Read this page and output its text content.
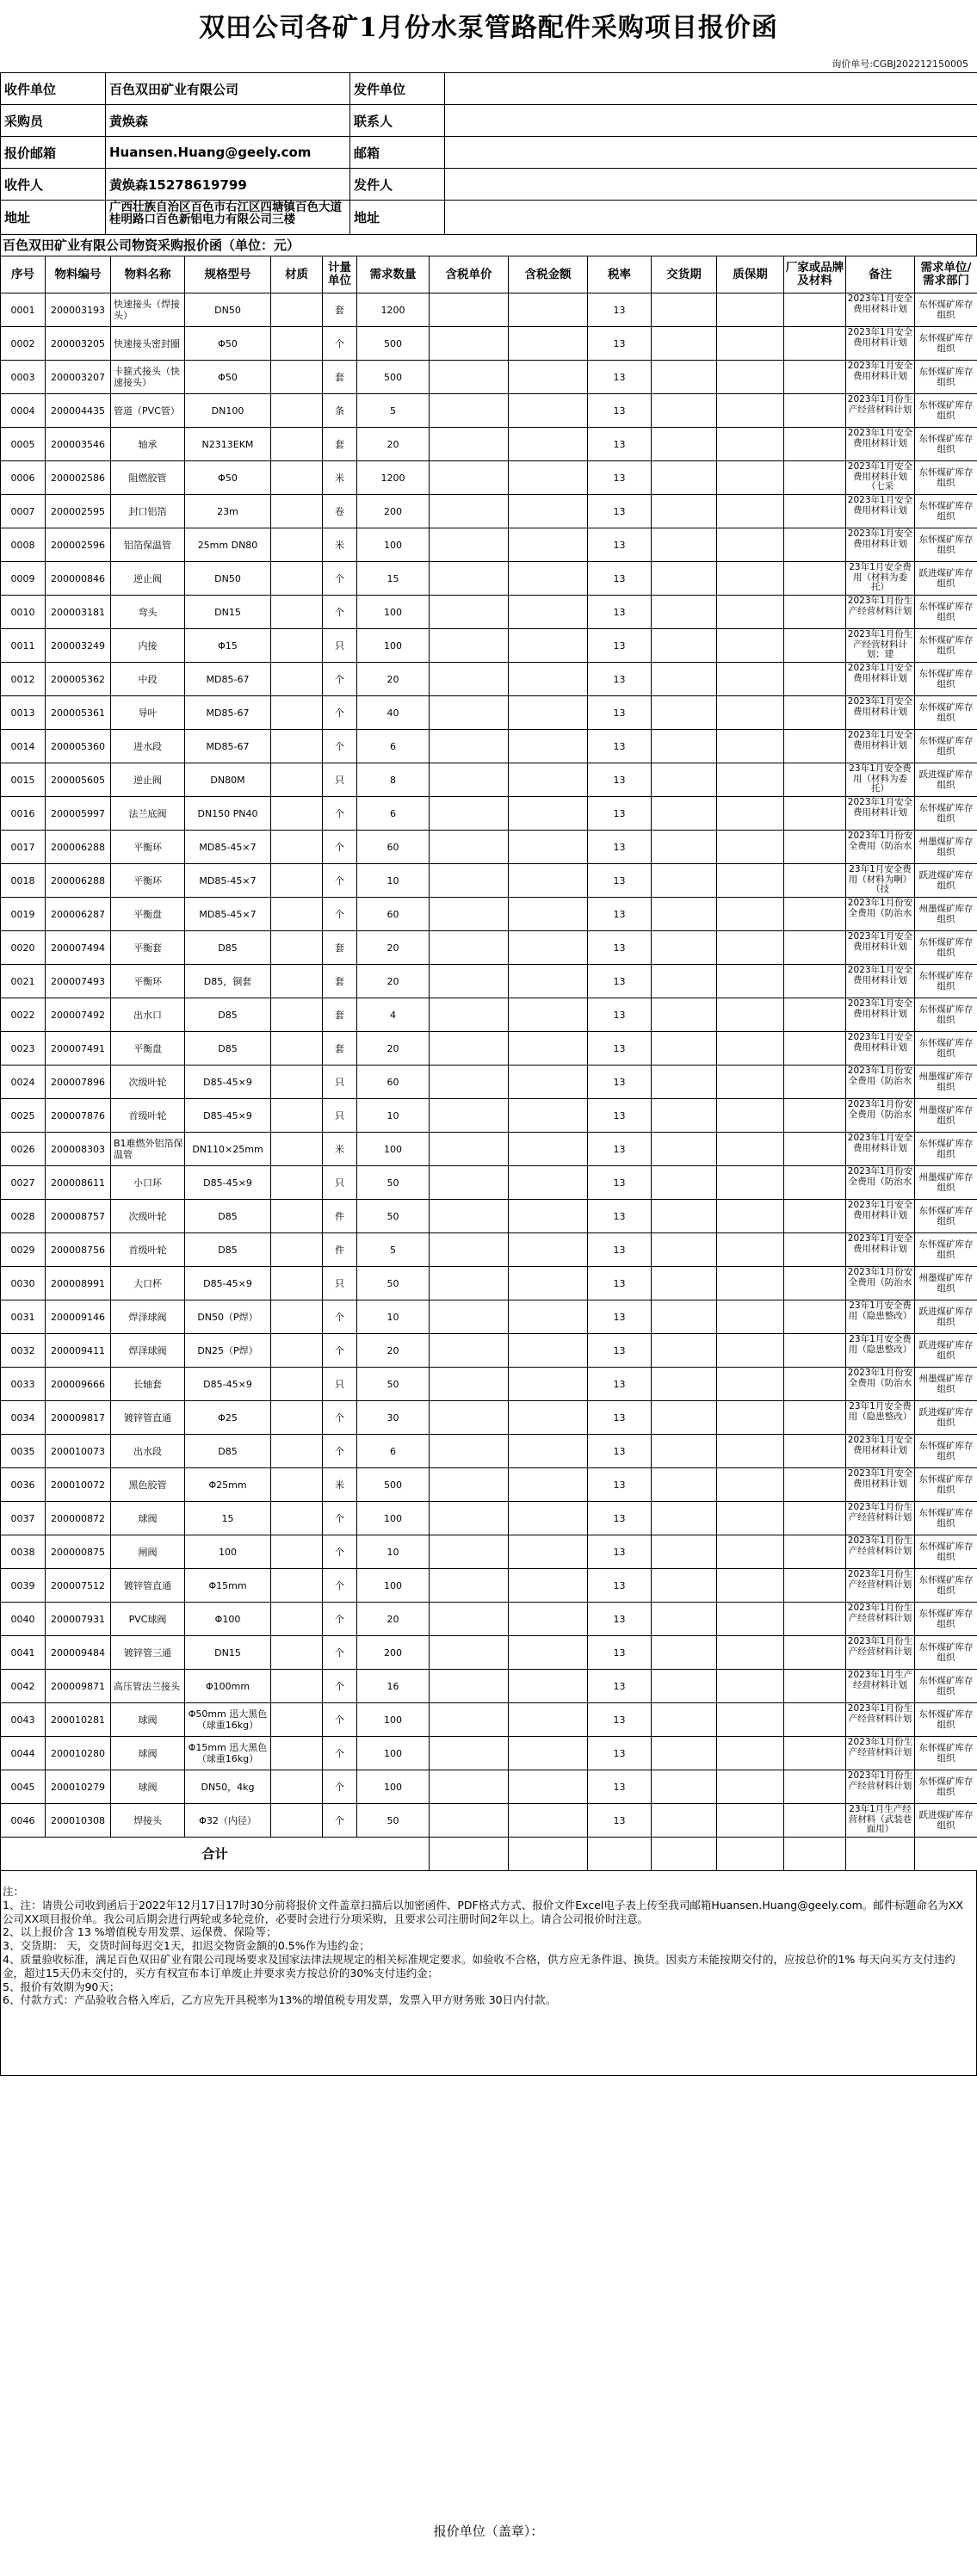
双田公司各矿1月份水泵管路配件采购项目报价函
询价单号:CGBJ202212150005
收件单位	百色双田矿业有限公司	发件单位	
采购员	黄焕森	联系人	
报价邮箱	Huansen.Huang@geely.com	邮箱	
收件人	黄焕森15278619799	发件人	
地址	广西壮族自治区百色市右江区四塘镇百色大道桂明路口百色新铝电力有限公司三楼	地址	
百色双田矿业有限公司物资采购报价函（单位：元）
序号	物料编号	物料名称	规格型号	材质	计量单位	需求数量	含税单价	含税金额	税率	交货期	质保期	厂家或品牌及材料	备注	需求单位/需求部门
0001	200003193	快速接头（焊接头）	DN50		套	1200			13				2023年1月安全费用材料计划	东怀煤矿库存组织
0002	200003205	快速接头密封圈	Φ50		个	500			13				2023年1月安全费用材料计划	东怀煤矿库存组织
0003	200003207	卡箍式接头（快速接头）	Φ50		套	500			13				2023年1月安全费用材料计划	东怀煤矿库存组织
0004	200004435	管道（PVC管）	DN100		条	5			13				2023年1月份生产经营材料计划	东怀煤矿库存组织
0005	200003546	轴承	N2313EKM		套	20			13				2023年1月安全费用材料计划	东怀煤矿库存组织
0006	200002586	阻燃胶管	Φ50		米	1200			13				2023年1月安全费用材料计划（七采	东怀煤矿库存组织
0007	200002595	封口铝箔	23m		卷	200			13				2023年1月安全费用材料计划	东怀煤矿库存组织
0008	200002596	铝箔保温管	25mm DN80		米	100			13				2023年1月安全费用材料计划	东怀煤矿库存组织
0009	200000846	逆止阀	DN50		个	15			13				23年1月安全费用（材料为委托）	跃进煤矿库存组织
0010	200003181	弯头	DN15		个	100			13				2023年1月份生产经营材料计划	东怀煤矿库存组织
0011	200003249	内接	Φ15		只	100			13				2023年1月份生产经营材料计划；建	东怀煤矿库存组织
0012	200005362	中段	MD85-67		个	20			13				2023年1月安全费用材料计划	东怀煤矿库存组织
0013	200005361	导叶	MD85-67		个	40			13				2023年1月安全费用材料计划	东怀煤矿库存组织
0014	200005360	进水段	MD85-67		个	6			13				2023年1月安全费用材料计划	东怀煤矿库存组织
0015	200005605	逆止阀	DN80M		只	8			13				23年1月安全费用（材料为委托）	跃进煤矿库存组织
0016	200005997	法兰底阀	DN150 PN40		个	6			13				2023年1月安全费用材料计划	东怀煤矿库存组织
0017	200006288	平衡环	MD85-45×7		个	60			13				2023年1月份安全费用（防治水	州墨煤矿库存组织
0018	200006288	平衡环	MD85-45×7		个	10			13				23年1月安全费用（材料为啊）（技	跃进煤矿库存组织
0019	200006287	平衡盘	MD85-45×7		个	60			13				2023年1月份安全费用（防治水	州墨煤矿库存组织
0020	200007494	平衡套	D85		套	20			13				2023年1月安全费用材料计划	东怀煤矿库存组织
0021	200007493	平衡环	D85，铜套		套	20			13				2023年1月安全费用材料计划	东怀煤矿库存组织
0022	200007492	出水口	D85		套	4			13				2023年1月安全费用材料计划	东怀煤矿库存组织
0023	200007491	平衡盘	D85		套	20			13				2023年1月安全费用材料计划	东怀煤矿库存组织
0024	200007896	次级叶轮	D85-45×9		只	60			13				2023年1月份安全费用（防治水	州墨煤矿库存组织
0025	200007876	首级叶轮	D85-45×9		只	10			13				2023年1月份安全费用（防治水	州墨煤矿库存组织
0026	200008303	B1难燃外铝箔保温管	DN110×25mm		米	100			13				2023年1月安全费用材料计划	东怀煤矿库存组织
0027	200008611	小口环	D85-45×9		只	50			13				2023年1月份安全费用（防治水	州墨煤矿库存组织
0028	200008757	次级叶轮	D85		件	50			13				2023年1月安全费用材料计划	东怀煤矿库存组织
0029	200008756	首级叶轮	D85		件	5			13				2023年1月安全费用材料计划	东怀煤矿库存组织
0030	200008991	大口杯	D85-45×9		只	50			13				2023年1月份安全费用（防治水	州墨煤矿库存组织
0031	200009146	焊泽球阀	DN50（P焊）		个	10			13				23年1月安全费用（隐患整改）	跃进煤矿库存组织
0032	200009411	焊泽球阀	DN25（P焊）		个	20			13				23年1月安全费用（隐患整改）	跃进煤矿库存组织
0033	200009666	长轴套	D85-45×9		只	50			13				2023年1月份安全费用（防治水	州墨煤矿库存组织
0034	200009817	镀锌管直通	Φ25		个	30			13				23年1月安全费用（隐患整改）	跃进煤矿库存组织
0035	200010073	出水段	D85		个	6			13				2023年1月安全费用材料计划	东怀煤矿库存组织
0036	200010072	黑色胶管	Φ25mm		米	500			13				2023年1月安全费用材料计划	东怀煤矿库存组织
0037	200000872	球阀	15		个	100			13				2023年1月份生产经营材料计划	东怀煤矿库存组织
0038	200000875	闸阀	100		个	10			13				2023年1月份生产经营材料计划	东怀煤矿库存组织
0039	200007512	镀锌管直通	Φ15mm		个	100			13				2023年1月份生产经营材料计划	东怀煤矿库存组织
0040	200007931	PVC球阀	Φ100		个	20			13				2023年1月份生产经营材料计划	东怀煤矿库存组织
0041	200009484	镀锌管三通	DN15		个	200			13				2023年1月份生产经营材料计划	东怀煤矿库存组织
0042	200009871	高压管法兰接头	Φ100mm		个	16			13				2023年1月生产经营材料计划	东怀煤矿库存组织
0043	200010281	球阀	Φ50mm 迅大黑色（球重16kg）		个	100			13				2023年1月份生产经营材料计划	东怀煤矿库存组织
0044	200010280	球阀	Φ15mm 迅大黑色（球重16kg）		个	100			13				2023年1月份生产经营材料计划	东怀煤矿库存组织
0045	200010279	球阀	DN50，4kg		个	100			13				2023年1月份生产经营材料计划	东怀煤矿库存组织
0046	200010308	焊接头	Φ32（内径）		个	50			13				23年1月生产经营材料（武装巷面用）	跃进煤矿库存组织
合计														
注：
1、注：请贵公司收到函后于2022年12月17日17时30分前将报价文件盖章扫描后以加密函件、PDF格式方式、报价文件Excel电子表上传至我司邮箱Huansen.Huang@geely.com。邮件标题命名为XX公司XX项目报价单。我公司后期会进行两轮或多轮竞价，必要时会进行分项采购，且要求公司注册时间2年以上。请合公司报价时注意。
2、以上报价含 13 %增值税专用发票、运保费、保险等；
3、交货期： 天，交货时间每迟交1天，扣迟交物资金额的0.5%作为违约金；
4、质量验收标准，满足百色双田矿业有限公司现场要求及国家法律法规规定的相关标准规定要求。如验收不合格，供方应无条件退、换货。因卖方未能按期交付的，应按总价的1% 每天向买方支付违约金，超过15天仍未交付的，买方有权宣布本订单废止并要求卖方按总价的30%支付违约金；
5、报价有效期为90天；
6、付款方式：产品验收合格入库后，乙方应先开具税率为13%的增值税专用发票，发票入甲方财务账 30日内付款。
报价单位（盖章）：
